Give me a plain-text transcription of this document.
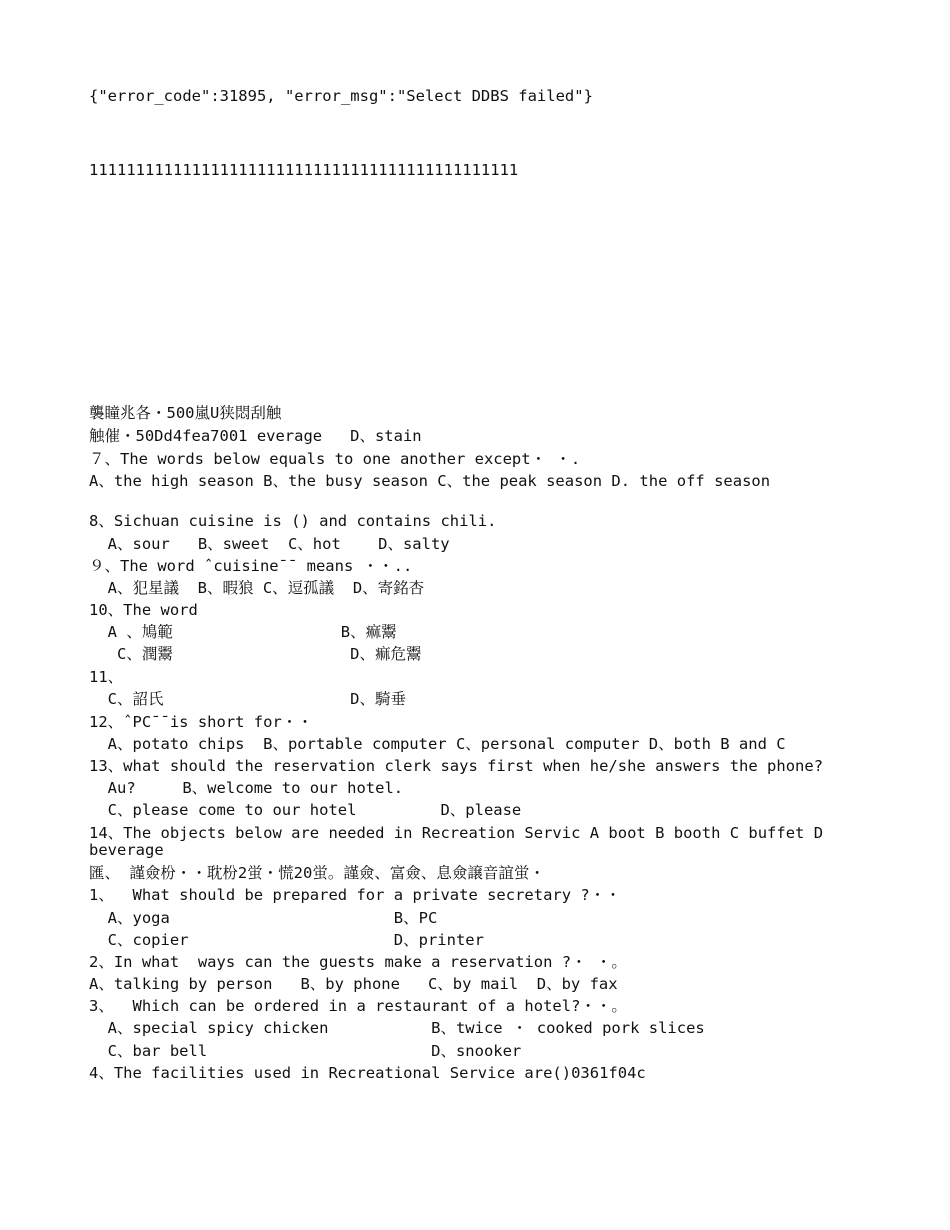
{"error_code":31895, "error_msg":"Select DDBS failed"}
1111111111111111111111111111111111111111111111
襲瞳兆各・500嵐U狭悶刮触
触催・50Dd4fea7001 everage   D、stain
７、The words below equals to one another except・ ・.
A、the high season B、the busy season C、the peak season D. the off season
8、Sichuan cuisine is () and contains chili.
A、sour   B、sweet  C、hot    D、salty
９、The word ˆcuisine¯¯ means ・・..
A、犯星議  B、暇狼 C、逗孤議  D、寄銘杏
10、The word
A 、鳩範                  B、痲鬻
C、潤鬻                   D、痲危鬻
11、
C、詔氏                    D、騎垂
12、ˆPC¯¯is short for・・
A、potato chips  B、portable computer C、personal computer D、both B and C
13、what should the reservation clerk says first when he/she answers the phone?
Au?     B、welcome to our hotel.
C、please come to our hotel         D、please
14、The objects below are needed in Recreation Servic A boot B booth C buffet D beverage
匯、 謹僉枌・・耽枌2蛍・慌20蛍。謹僉、富僉、息僉譲音誼蛍・
1、  What should be prepared for a private secretary ?・・
A、yoga                        B、PC
C、copier                      D、printer
2、In what  ways can the guests make a reservation ?・ ・。
A、talking by person   B、by phone   C、by mail  D、by fax
3、  Which can be ordered in a restaurant of a hotel?・・。
A、special spicy chicken           B、twice ・ cooked pork slices
C、bar bell                        D、snooker
4、The facilities used in Recreational Service are()0361f04c
